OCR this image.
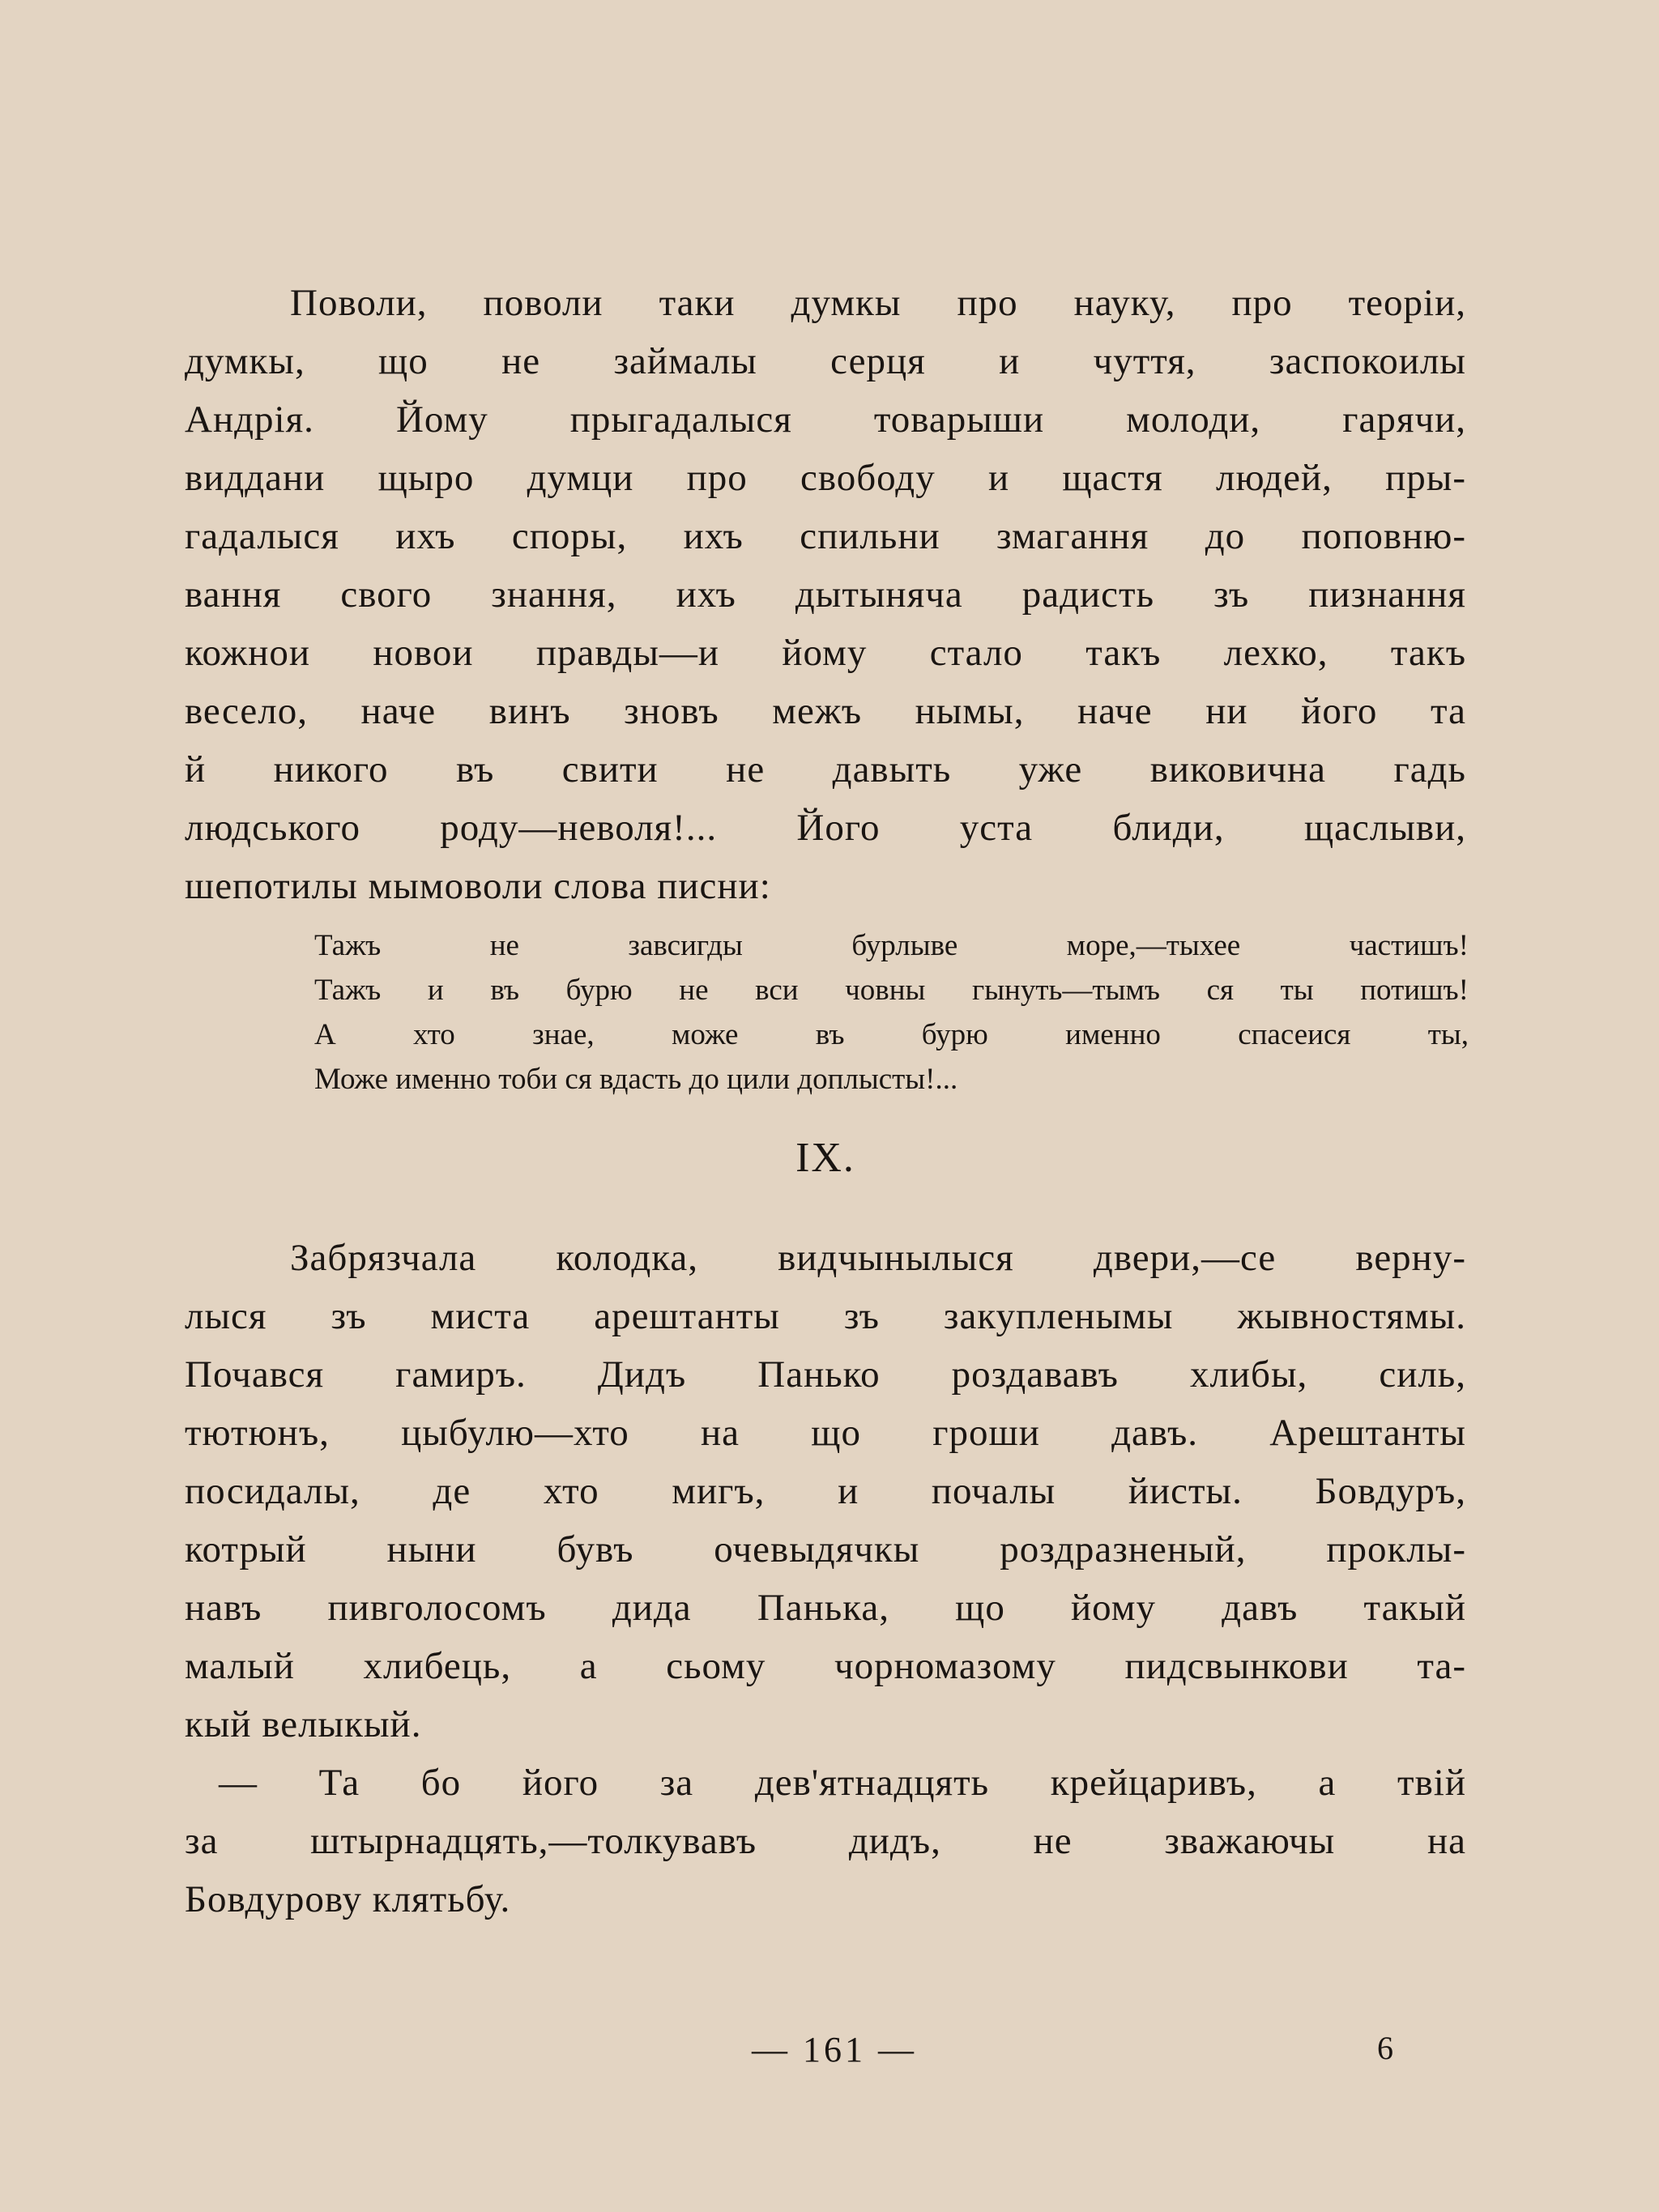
Поволи, поволи таки думкы про науку, про теоріи,
думкы, що не займалы серця и чуття, заспокоилы
Андрія. Йому прыгадалыся товарыши молоди, гарячи,
виддани щыро думци про свободу и щастя людей, пры-
гадалыся ихъ споры, ихъ спильни змагання до поповню-
вання свого знання, ихъ дытыняча радисть зъ пизнання
кожнои новои правды—и йому стало такъ лехко, такъ
весело, наче винъ зновъ межъ нымы, наче ни його та
й никого въ свити не давыть уже виковична гадь
людського роду—неволя!... Його уста блиди, щаслыви,
шепотилы мымоволи слова писни:
Тажъ не завсигды бурлыве море,—тыхее частишъ!
Тажъ и въ бурю не вси човны гынуть—тымъ ся ты потишъ!
А хто знае, може въ бурю именно спасеися ты,
Може именно тоби ся вдасть до цили доплысты!...
IX.
Забрязчала колодка, видчынылыся двери,—се верну-
лыся зъ миста арештанты зъ закупленымы жывностямы.
Почався гамиръ. Дидъ Панько роздававъ хлибы, силь,
тютюнъ, цыбулю—хто на що гроши давъ. Арештанты
посидалы, де хто мигъ, и почалы йисты. Бовдуръ,
котрый ныни бувъ очевыдячкы роздразненый, проклы-
навъ пивголосомъ дида Панька, що йому давъ такый
малый хлибець, а сьому чорномазому пидсвынкови та-
кый велыкый.
— Та бо його за дев'ятнадцять крейцаривъ, а твій
за штырнадцять,—толкувавъ дидъ, не зважаючы на
Бовдурову клятьбу.
— 161 —	6
